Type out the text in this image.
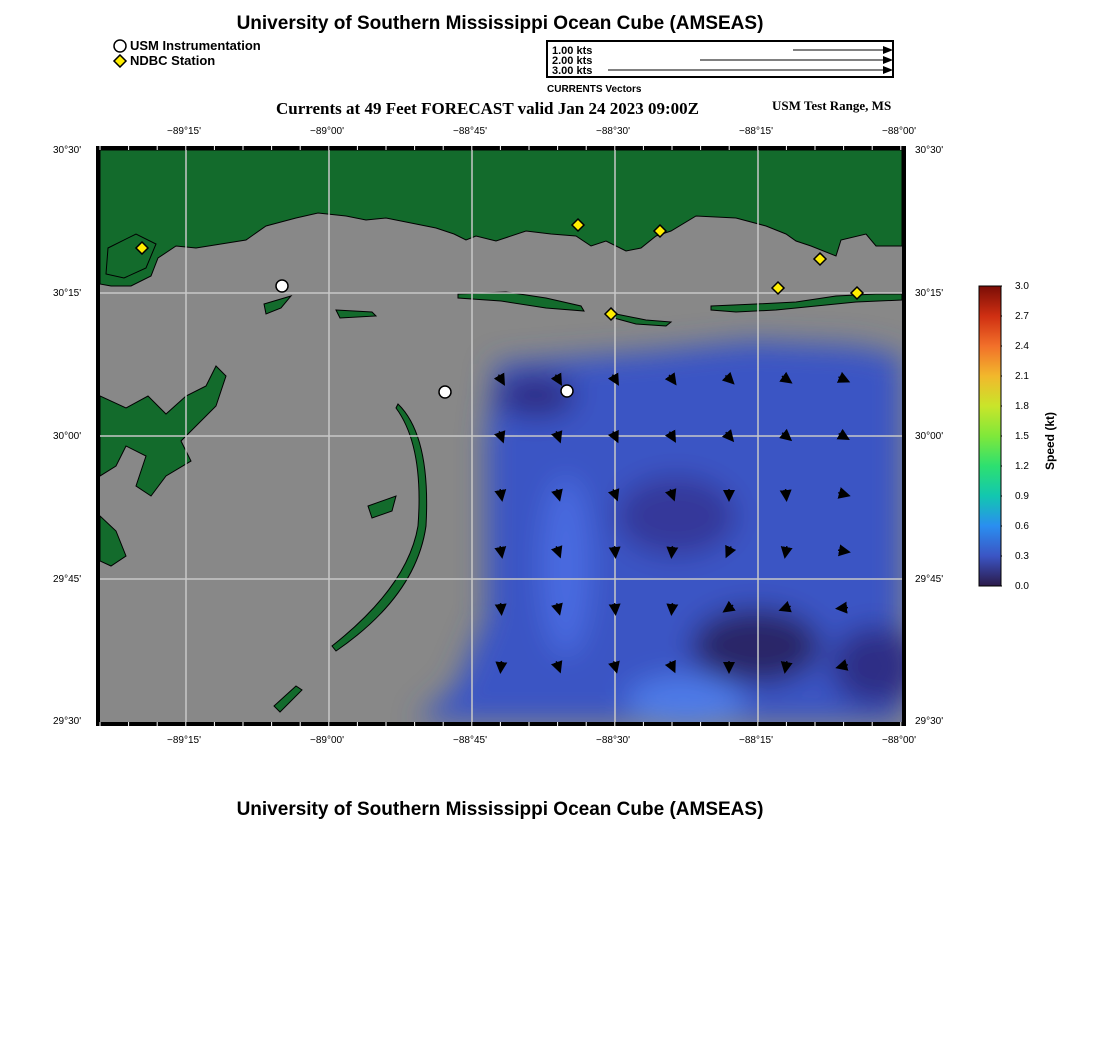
University of Southern Mississippi Ocean Cube (AMSEAS)
Currents at 49 Feet FORECAST valid Jan 24 2023 09:00Z	USM Test Range, MS
USM Instrumentation
NDBC Station
1.00 kts
2.00 kts
3.00 kts
CURRENTS Vectors
−89°15'	−89°00'	−88°45'	−88°30'	−88°15'	−88°00'
−89°15'	−89°00'	−88°45'	−88°30'	−88°15'	−88°00'
30°30'
30°15'
30°00'
29°45'
29°30'
30°30'
30°15'
30°00'
29°45'
29°30'
3.0
2.7
2.4
2.1
1.8
1.5
1.2
0.9
0.6
0.3
0.0
Speed (kt)
University of Southern Mississippi Ocean Cube (AMSEAS)
